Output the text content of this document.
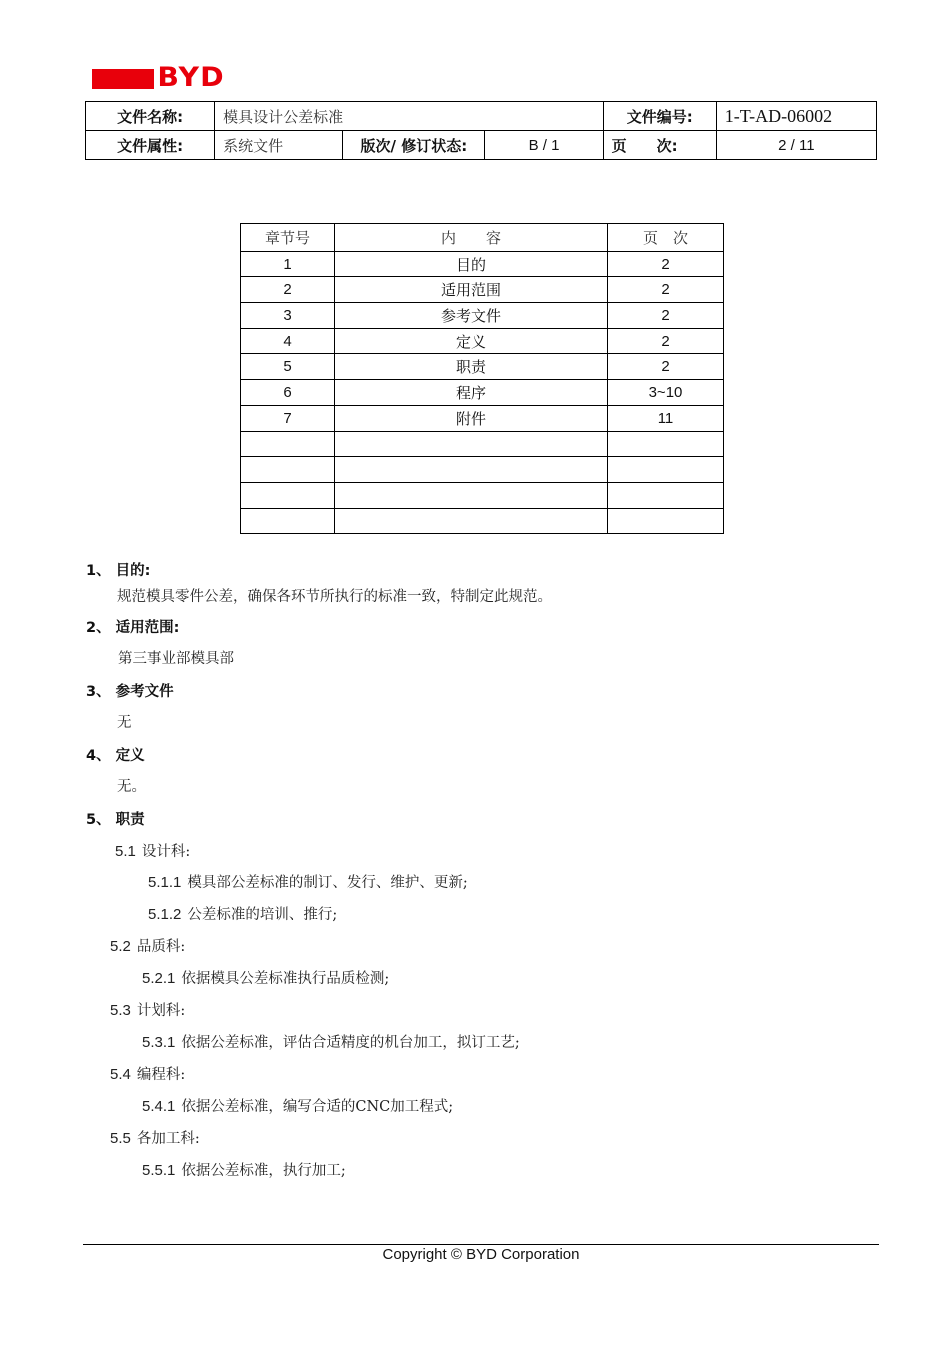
BYD
文件名称:	模具设计公差标准			文件编号:	1-T-AD-06002
文件属性:	系统文件	版次/ 修订状态:	B / 1	页　　次:	2 / 11
章节号	内　　容	页　次
1	目的	2
2	适用范围	2
3	参考文件	2
4	定义	2
5	职责	2
6	程序	3~10
7	附件	11

1、 目的:
规范模具零件公差，确保各环节所执行的标准一致，特制定此规范。
2、 适用范围:
第三事业部模具部
3、 参考文件
无
4、 定义
无。
5、 职责
5.1 设计科:
5.1.1 模具部公差标准的制订、发行、维护、更新;
5.1.2 公差标准的培训、推行;
5.2 品质科:
5.2.1 依据模具公差标准执行品质检测;
5.3 计划科:
5.3.1 依据公差标准，评估合适精度的机台加工，拟订工艺;
5.4 编程科:
5.4.1 依据公差标准，编写合适的CNC加工程式;
5.5 各加工科:
5.5.1 依据公差标准，执行加工;
Copyright © BYD Corporation
